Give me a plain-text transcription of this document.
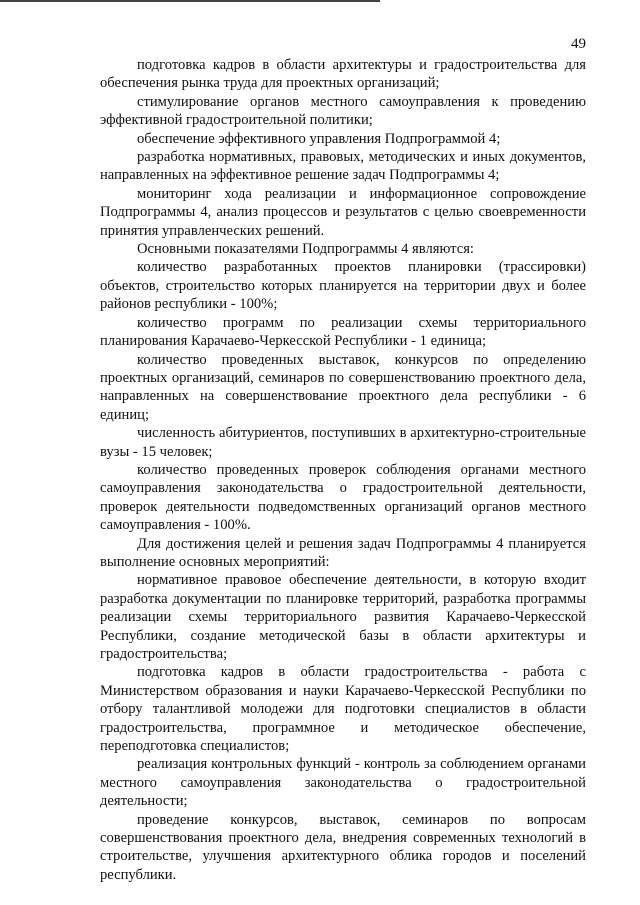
49

подготовка кадров в области архитектуры и градостроительства для обеспечения рынка труда для проектных организаций;

стимулирование органов местного самоуправления к проведению эффективной градостроительной политики;

обеспечение эффективного управления Подпрограммой 4;

разработка нормативных, правовых, методических и иных документов, направленных на эффективное решение задач Подпрограммы 4;

мониторинг хода реализации и информационное сопровождение Подпрограммы 4, анализ процессов и результатов с целью своевременности принятия управленческих решений.

Основными показателями Подпрограммы 4 являются:

количество разработанных проектов планировки (трассировки) объектов, строительство которых планируется на территории двух и более районов республики - 100%;

количество программ по реализации схемы территориального планирования Карачаево-Черкесской Республики - 1 единица;

количество проведенных выставок, конкурсов по определению проектных организаций, семинаров по совершенствованию проектного дела, направленных на совершенствование проектного дела республики - 6 единиц;

численность абитуриентов, поступивших в архитектурно-строительные вузы - 15 человек;

количество проведенных проверок соблюдения органами местного самоуправления законодательства о градостроительной деятельности, проверок деятельности подведомственных организаций органов местного самоуправления - 100%.

Для достижения целей и решения задач Подпрограммы 4 планируется выполнение основных мероприятий:

нормативное правовое обеспечение деятельности, в которую входит разработка документации по планировке территорий, разработка программы реализации схемы территориального развития Карачаево-Черкесской Республики, создание методической базы в области архитектуры и градостроительства;

подготовка кадров в области градостроительства - работа с Министерством образования и науки Карачаево-Черкесской Республики по отбору талантливой молодежи для подготовки специалистов в области градостроительства, программное и методическое обеспечение, переподготовка специалистов;

реализация контрольных функций - контроль за соблюдением органами местного самоуправления законодательства о градостроительной деятельности;

проведение конкурсов, выставок, семинаров по вопросам совершенствования проектного дела, внедрения современных технологий в строительстве, улучшения архитектурного облика городов и поселений республики.
